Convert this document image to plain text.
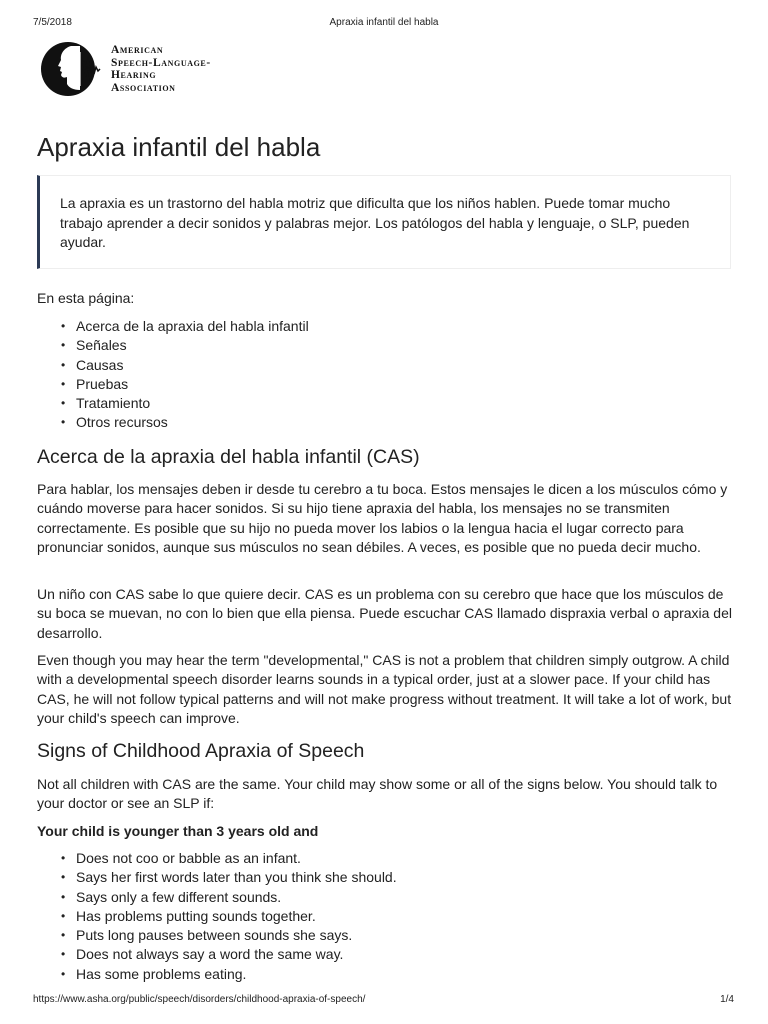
7/5/2018	Apraxia infantil del habla
American
Speech-Language-
Hearing
Association
Apraxia infantil del habla

La apraxia es un trastorno del habla motriz que dificulta que los niños hablen. Puede tomar mucho trabajo aprender a decir sonidos y palabras mejor. Los patólogos del habla y lenguaje, o SLP, pueden ayudar.

En esta página:

• Acerca de la apraxia del habla infantil
• Señales
• Causas
• Pruebas
• Tratamiento
• Otros recursos
Acerca de la apraxia del habla infantil (CAS)

Para hablar, los mensajes deben ir desde tu cerebro a tu boca. Estos mensajes le dicen a los músculos cómo y cuándo moverse para hacer sonidos. Si su hijo tiene apraxia del habla, los mensajes no se transmiten correctamente. Es posible que su hijo no pueda mover los labios o la lengua hacia el lugar correcto para pronunciar sonidos, aunque sus músculos no sean débiles. A veces, es posible que no pueda decir mucho.

Un niño con CAS sabe lo que quiere decir. CAS es un problema con su cerebro que hace que los músculos de su boca se muevan, no con lo bien que ella piensa. Puede escuchar CAS llamado dispraxia verbal o apraxia del desarrollo.

Even though you may hear the term "developmental," CAS is not a problem that children simply outgrow. A child with a developmental speech disorder learns sounds in a typical order, just at a slower pace. If your child has CAS, he will not follow typical patterns and will not make progress without treatment. It will take a lot of work, but your child's speech can improve.

Signs of Childhood Apraxia of Speech

Not all children with CAS are the same. Your child may show some or all of the signs below. You should talk to your doctor or see an SLP if:

Your child is younger than 3 years old and

• Does not coo or babble as an infant.
• Says her first words later than you think she should.
• Says only a few different sounds.
• Has problems putting sounds together.
• Puts long pauses between sounds she says.
• Does not always say a word the same way.
• Has some problems eating.
https://www.asha.org/public/speech/disorders/childhood-apraxia-of-speech/	1/4
